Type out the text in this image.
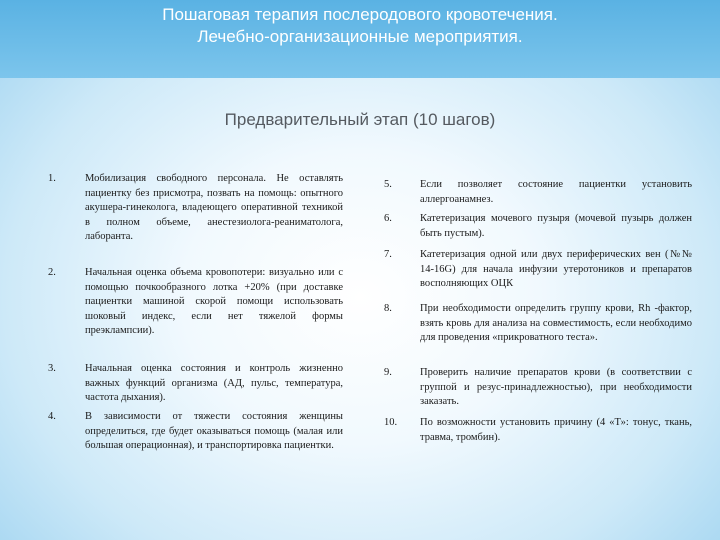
Пошаговая терапия послеродового кровотечения.
Лечебно-организационные мероприятия.
Предварительный этап (10 шагов)
1.	Мобилизация свободного персонала. Не оставлять пациентку без присмотра, позвать на помощь: опытного акушера-гинеколога, владеющего оперативной техникой в полном объеме, анестезиолога-реаниматолога, лаборанта.
2.	Начальная оценка объема кровопотери: визуально или с помощью почкообразного лотка +20% (при доставке пациентки машиной скорой помощи использовать шоковый индекс, если нет тяжелой формы преэклампсии).
3.	Начальная оценка состояния и контроль жизненно важных функций организма (АД, пульс, температура, частота дыхания).
4.	В зависимости от тяжести состояния женщины определиться, где будет оказываться помощь (малая или большая операционная), и транспортировка пациентки.
5.	Если позволяет состояние пациентки установить аллергоанамнез.
6.	Катетеризация мочевого пузыря (мочевой пузырь должен быть пустым).
7.	Катетеризация одной или двух периферических вен (№№ 14-16G) для начала инфузии утеротоников и препаратов восполняющих ОЦК
8.	При необходимости определить группу крови, Rh -фактор, взять кровь для анализа на совместимость, если необходимо для проведения «прикроватного теста».
9.	Проверить наличие препаратов крови (в соответствии с группой и резус-принадлежностью), при необходимости заказать.
10. По возможности установить причину (4 «Т»: тонус, ткань, травма, тромбин).
